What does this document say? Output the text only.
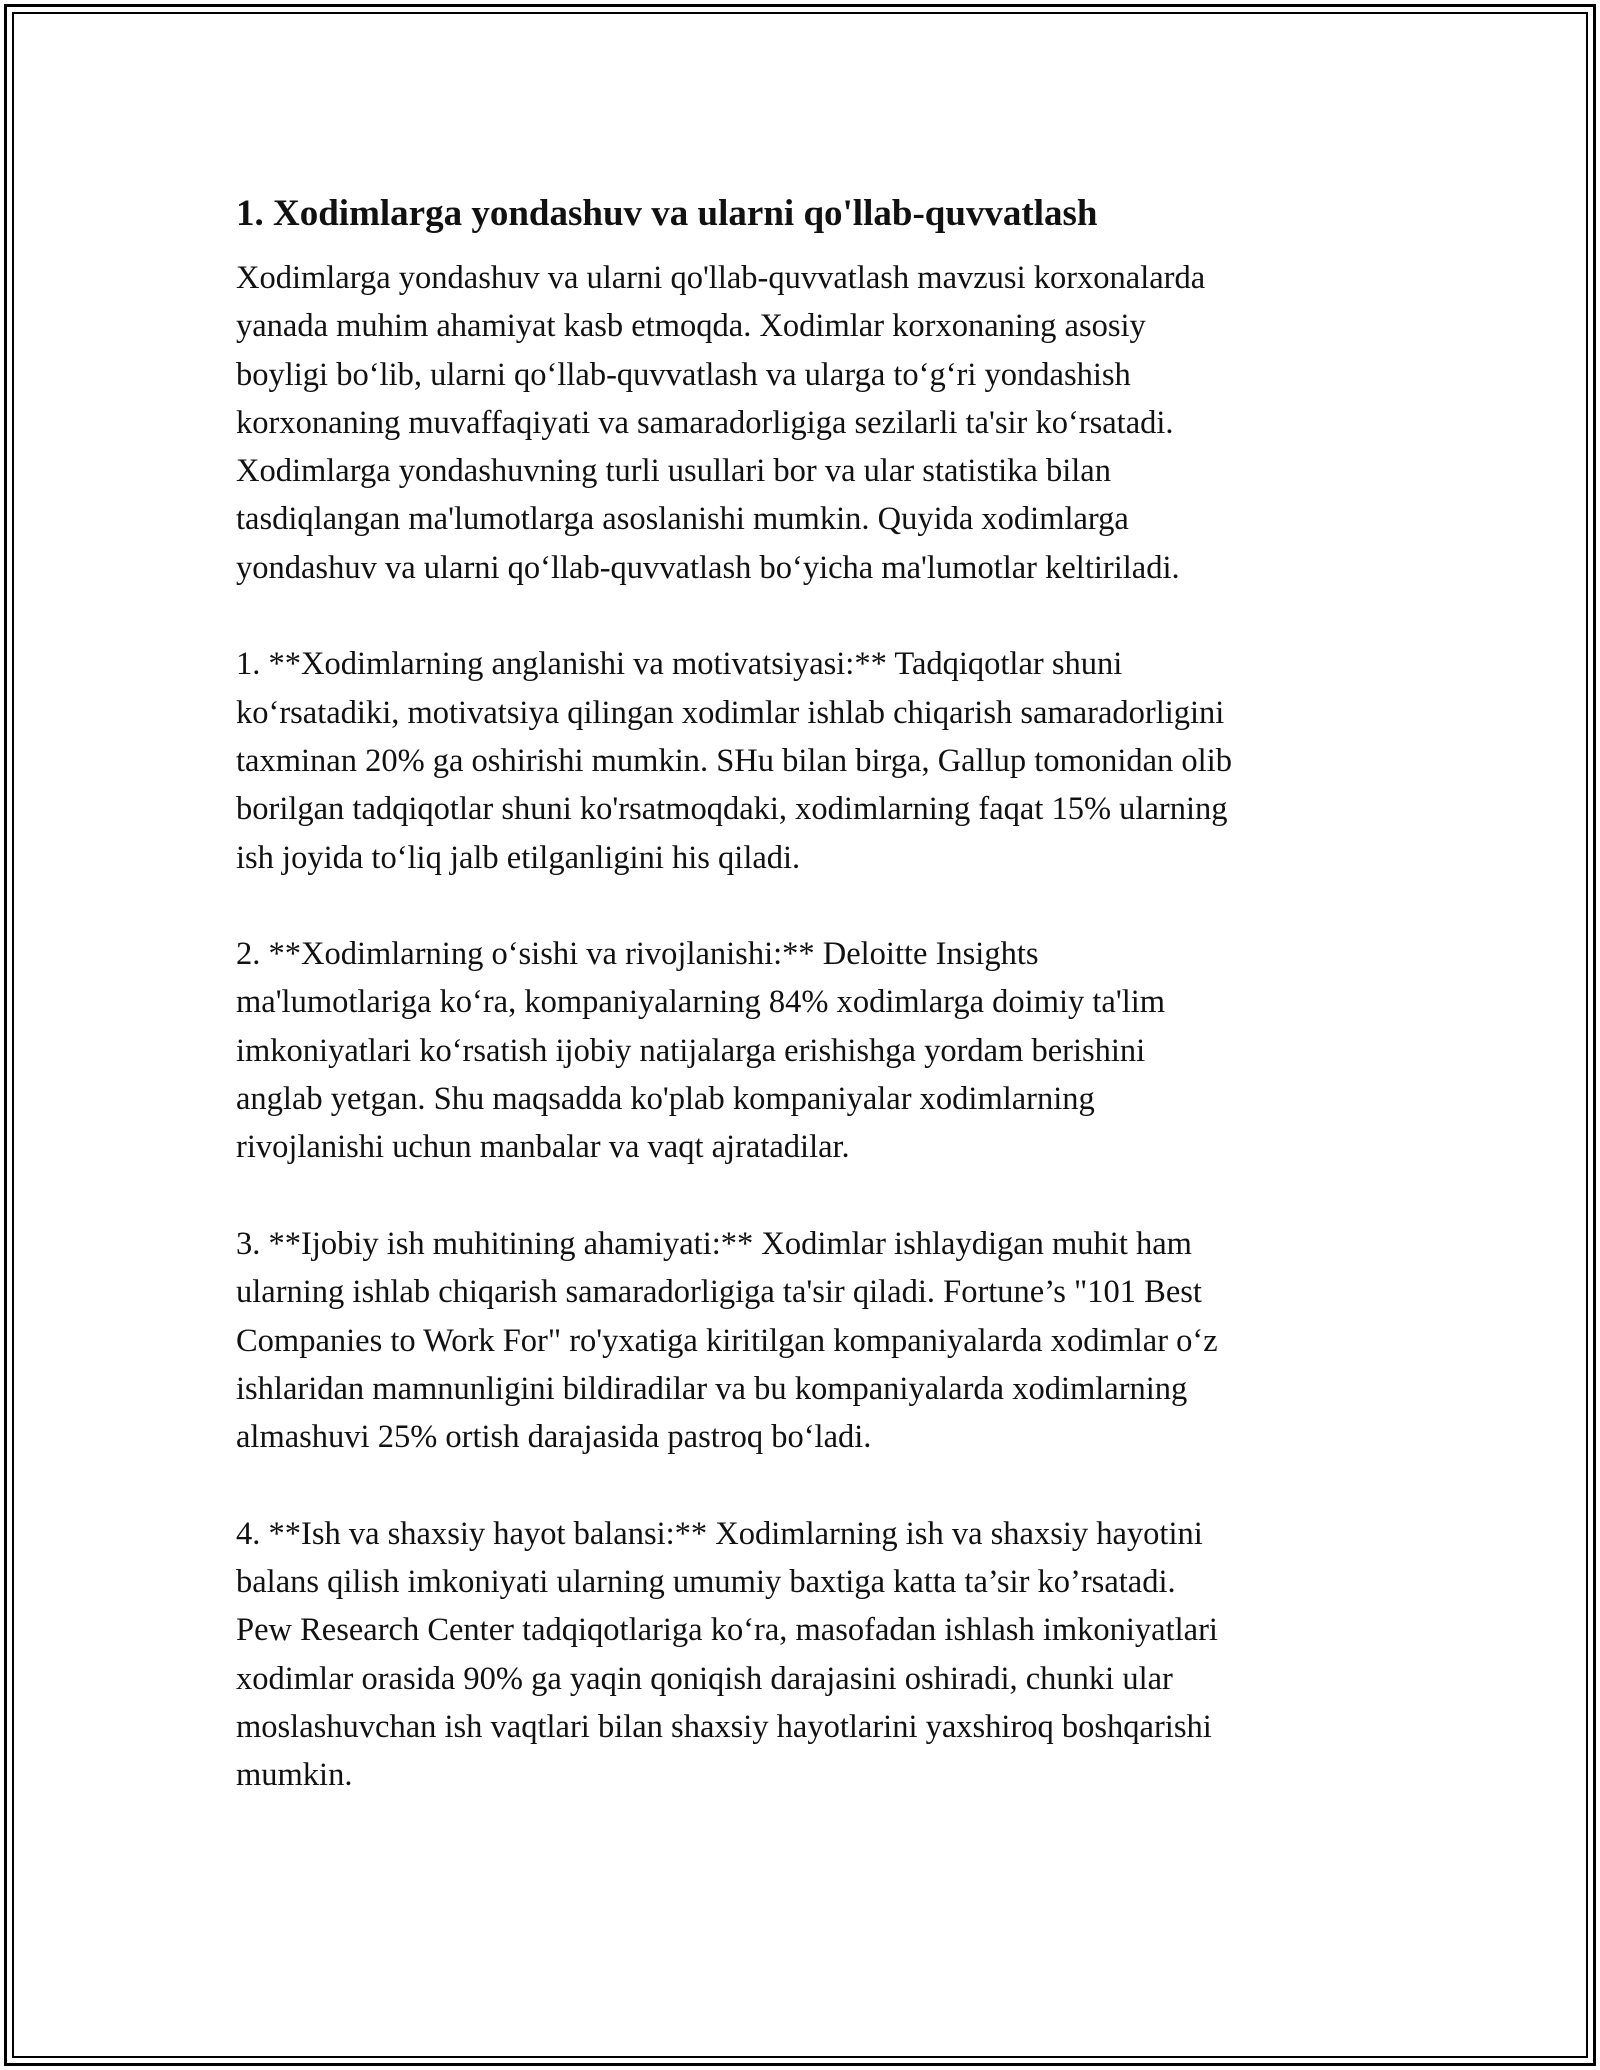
1. Xodimlarga yondashuv va ularni qo'llab-quvvatlash

Xodimlarga yondashuv va ularni qo'llab-quvvatlash mavzusi korxonalarda
yanada muhim ahamiyat kasb etmoqda. Xodimlar korxonaning asosiy
boyligi bo‘lib, ularni qo‘llab-quvvatlash va ularga to‘g‘ri yondashish
korxonaning muvaffaqiyati va samaradorligiga sezilarli ta'sir ko‘rsatadi.
Xodimlarga yondashuvning turli usullari bor va ular statistika bilan
tasdiqlangan ma'lumotlarga asoslanishi mumkin. Quyida xodimlarga
yondashuv va ularni qo‘llab-quvvatlash bo‘yicha ma'lumotlar keltiriladi.

1. **Xodimlarning anglanishi va motivatsiyasi:** Tadqiqotlar shuni
ko‘rsatadiki, motivatsiya qilingan xodimlar ishlab chiqarish samaradorligini
taxminan 20% ga oshirishi mumkin. SHu bilan birga, Gallup tomonidan olib
borilgan tadqiqotlar shuni ko'rsatmoqdaki, xodimlarning faqat 15% ularning
ish joyida to‘liq jalb etilganligini his qiladi.

2. **Xodimlarning o‘sishi va rivojlanishi:** Deloitte Insights
ma'lumotlariga ko‘ra, kompaniyalarning 84% xodimlarga doimiy ta'lim
imkoniyatlari ko‘rsatish ijobiy natijalarga erishishga yordam berishini
anglab yetgan. Shu maqsadda ko'plab kompaniyalar xodimlarning
rivojlanishi uchun manbalar va vaqt ajratadilar.

3. **Ijobiy ish muhitining ahamiyati:** Xodimlar ishlaydigan muhit ham
ularning ishlab chiqarish samaradorligiga ta'sir qiladi. Fortune’s "101 Best
Companies to Work For" ro'yxatiga kiritilgan kompaniyalarda xodimlar o‘z
ishlaridan mamnunligini bildiradilar va bu kompaniyalarda xodimlarning
almashuvi 25% ortish darajasida pastroq bo‘ladi.

4. **Ish va shaxsiy hayot balansi:** Xodimlarning ish va shaxsiy hayotini
balans qilish imkoniyati ularning umumiy baxtiga katta ta’sir ko’rsatadi.
Pew Research Center tadqiqotlariga ko‘ra, masofadan ishlash imkoniyatlari
xodimlar orasida 90% ga yaqin qoniqish darajasini oshiradi, chunki ular
moslashuvchan ish vaqtlari bilan shaxsiy hayotlarini yaxshiroq boshqarishi
mumkin.
